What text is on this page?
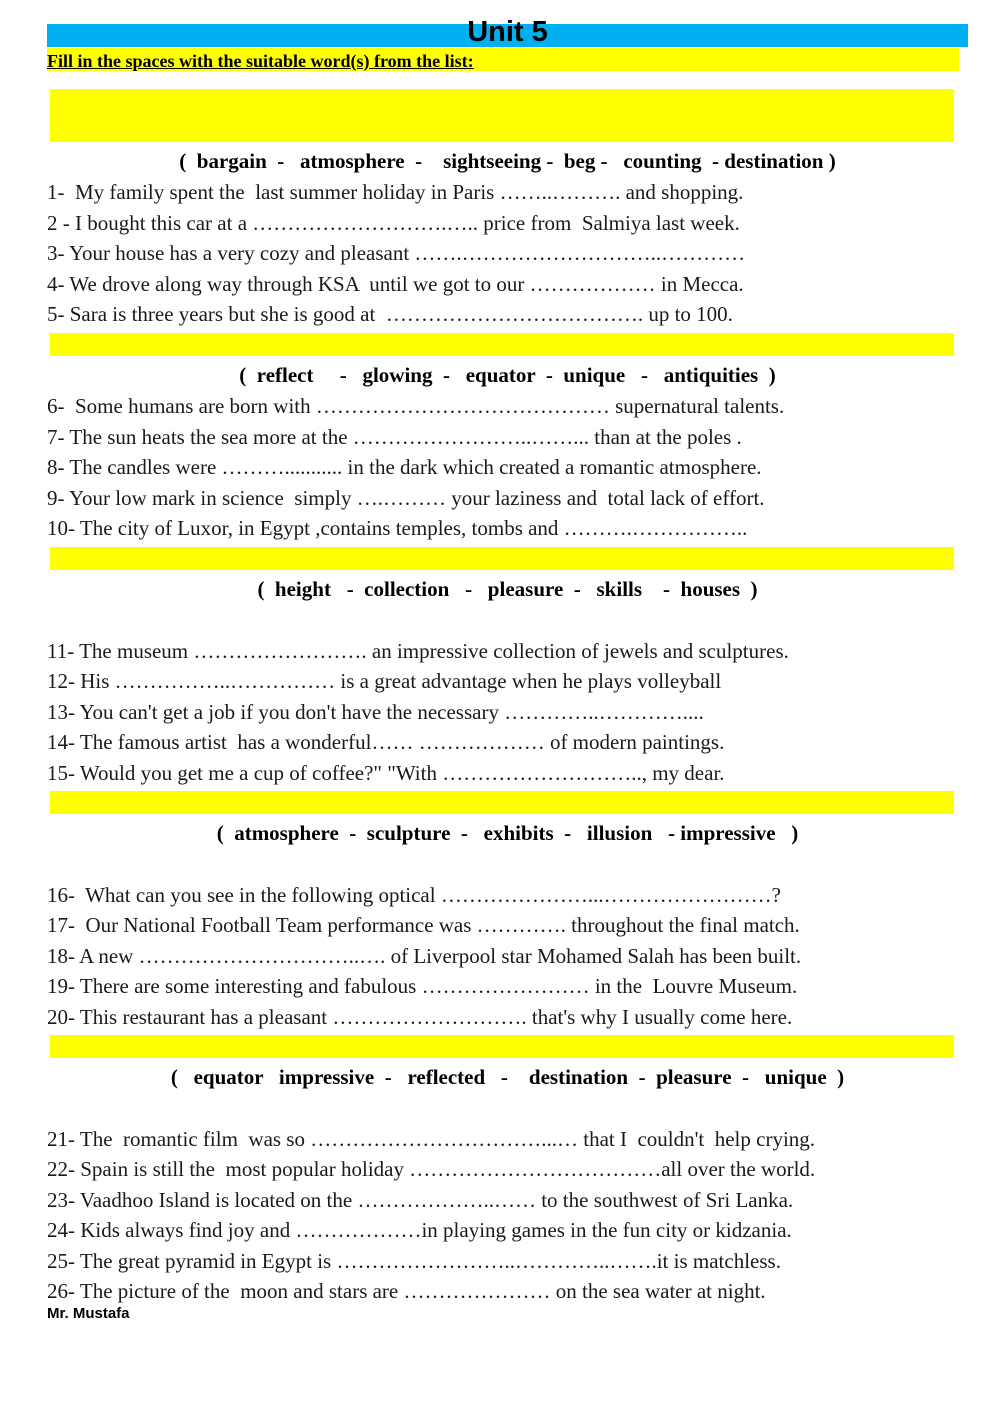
Unit 5
Fill in the spaces with the suitable word(s) from the list:
(  bargain  -   atmosphere  -    sightseeing -  beg -   counting  - destination )
1-  My family spent the  last summer holiday in Paris ……..………. and shopping.
2 - I bought this car at a ……………………….….. price from  Salmiya last week.
3- Your house has a very cozy and pleasant …….………………………..…………
4- We drove along way through KSA  until we got to our ……………… in Mecca.
5- Sara is three years but she is good at  ………………………………. up to 100.
(  reflect     -   glowing  -   equator  -  unique   -   antiquities  )
6-  Some humans are born with …………………………………… supernatural talents.
7- The sun heats the sea more at the ……………………..……... than at the poles .
8- The candles were ………........... in the dark which created a romantic atmosphere.
9- Your low mark in science  simply ….……… your laziness and  total lack of effort.
10- The city of Luxor, in Egypt ,contains temples, tombs and ……….……………..
(  height   -  collection   -   pleasure  -   skills    -  houses  )
11- The museum ……………………. an impressive collection of jewels and sculptures.
12- His ……………..…………… is a great advantage when he plays volleyball
13- You can't get a job if you don't have the necessary …………..…………....
14- The famous artist  has a wonderful…… ……………… of modern paintings.
15- Would you get me a cup of coffee?" "With ……………………….., my dear.
(  atmosphere  -  sculpture  -   exhibits  -   illusion   - impressive   )
16-  What can you see in the following optical …………………...……………………?
17-  Our National Football Team performance was …………. throughout the final match.
18- A new …………………………..…. of Liverpool star Mohamed Salah has been built.
19- There are some interesting and fabulous …………………… in the  Louvre Museum.
20- This restaurant has a pleasant ………………………. that's why I usually come here.
(   equator   impressive  -   reflected   -    destination  -  pleasure  -   unique  )
21- The  romantic film  was so ……………………………...… that I  couldn't  help crying.
22- Spain is still the  most popular holiday ………………………………all over the world.
23- Vaadhoo Island is located on the ………………..…… to the southwest of Sri Lanka.
24- Kids always find joy and ………………in playing games in the fun city or kidzania.
25- The great pyramid in Egypt is ……………………..…………..…….it is matchless.
26- The picture of the  moon and stars are ………………… on the sea water at night.
Mr. Mustafa
